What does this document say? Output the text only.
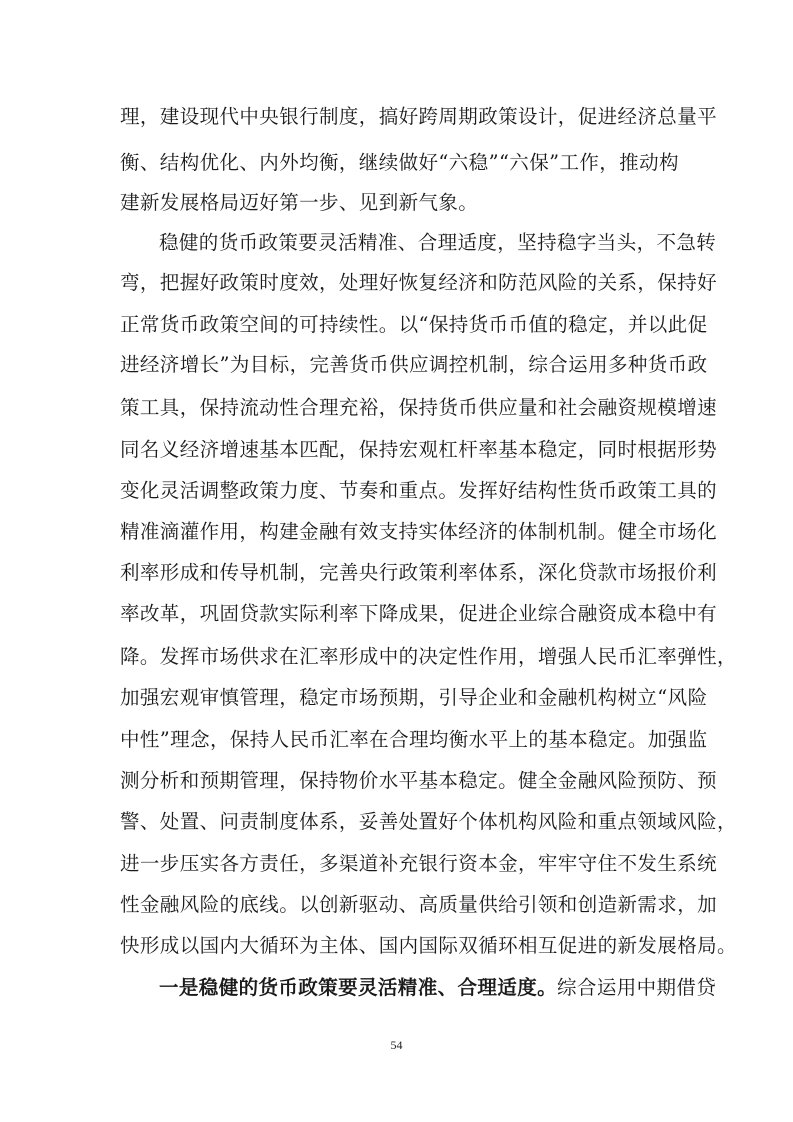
理，建设现代中央银行制度，搞好跨周期政策设计，促进经济总量平
衡、结构优化、内外均衡，继续做好“六稳”“六保”工作，推动构
建新发展格局迈好第一步、见到新气象。
稳健的货币政策要灵活精准、合理适度，坚持稳字当头，不急转
弯，把握好政策时度效，处理好恢复经济和防范风险的关系，保持好
正常货币政策空间的可持续性。以“保持货币币值的稳定，并以此促
进经济增长”为目标，完善货币供应调控机制，综合运用多种货币政
策工具，保持流动性合理充裕，保持货币供应量和社会融资规模增速
同名义经济增速基本匹配，保持宏观杠杆率基本稳定，同时根据形势
变化灵活调整政策力度、节奏和重点。发挥好结构性货币政策工具的
精准滴灌作用，构建金融有效支持实体经济的体制机制。健全市场化
利率形成和传导机制，完善央行政策利率体系，深化贷款市场报价利
率改革，巩固贷款实际利率下降成果，促进企业综合融资成本稳中有
降。发挥市场供求在汇率形成中的决定性作用，增强人民币汇率弹性，
加强宏观审慎管理，稳定市场预期，引导企业和金融机构树立“风险
中性”理念，保持人民币汇率在合理均衡水平上的基本稳定。加强监
测分析和预期管理，保持物价水平基本稳定。健全金融风险预防、预
警、处置、问责制度体系，妥善处置好个体机构风险和重点领域风险，
进一步压实各方责任，多渠道补充银行资本金，牢牢守住不发生系统
性金融风险的底线。以创新驱动、高质量供给引领和创造新需求，加
快形成以国内大循环为主体、国内国际双循环相互促进的新发展格局。
一是稳健的货币政策要灵活精准、合理适度。综合运用中期借贷
54
